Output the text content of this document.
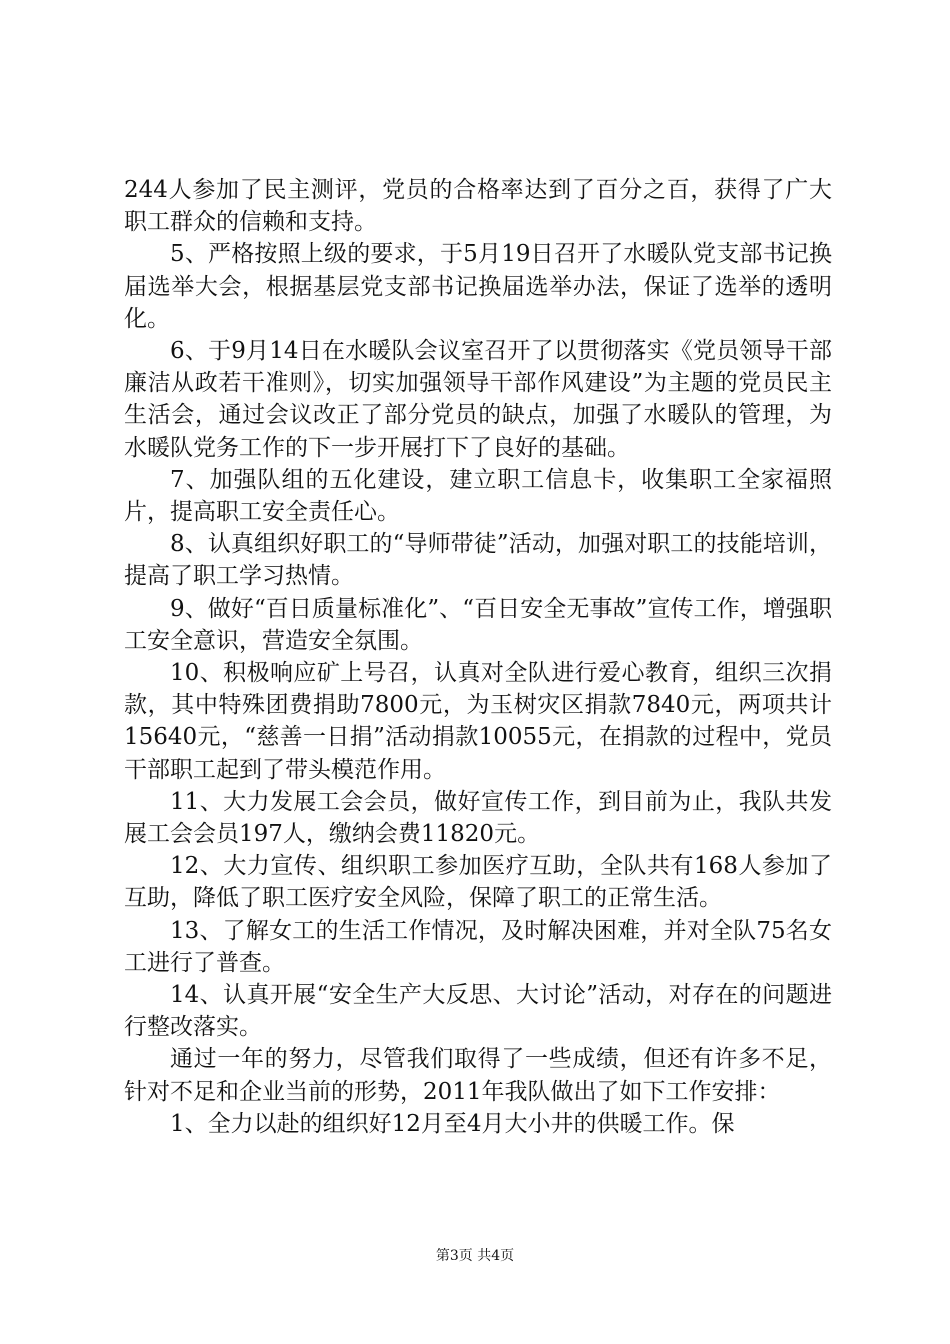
244人参加了民主测评，党员的合格率达到了百分之百，获得了广大职工群众的信赖和支持。

5、严格按照上级的要求，于5月19日召开了水暖队党支部书记换届选举大会，根据基层党支部书记换届选举办法，保证了选举的透明化。

6、于9月14日在水暖队会议室召开了以贯彻落实《党员领导干部廉洁从政若干准则》，切实加强领导干部作风建设”为主题的党员民主生活会，通过会议改正了部分党员的缺点，加强了水暖队的管理，为水暖队党务工作的下一步开展打下了良好的基础。

7、加强队组的五化建设，建立职工信息卡，收集职工全家福照片，提高职工安全责任心。

8、认真组织好职工的“导师带徒”活动，加强对职工的技能培训，提高了职工学习热情。

9、做好“百日质量标准化”、“百日安全无事故”宣传工作，增强职工安全意识，营造安全氛围。

10、积极响应矿上号召，认真对全队进行爱心教育，组织三次捐款，其中特殊团费捐助7800元，为玉树灾区捐款7840元，两项共计15640元，“慈善一日捐”活动捐款10055元，在捐款的过程中，党员干部职工起到了带头模范作用。

11、大力发展工会会员，做好宣传工作，到目前为止，我队共发展工会会员197人，缴纳会费11820元。

12、大力宣传、组织职工参加医疗互助，全队共有168人参加了互助，降低了职工医疗安全风险，保障了职工的正常生活。

13、了解女工的生活工作情况，及时解决困难，并对全队75名女工进行了普查。

14、认真开展“安全生产大反思、大讨论”活动，对存在的问题进行整改落实。

通过一年的努力，尽管我们取得了一些成绩，但还有许多不足，针对不足和企业当前的形势，2011年我队做出了如下工作安排：

1、全力以赴的组织好12月至4月大小井的供暖工作。保

第3页 共4页
